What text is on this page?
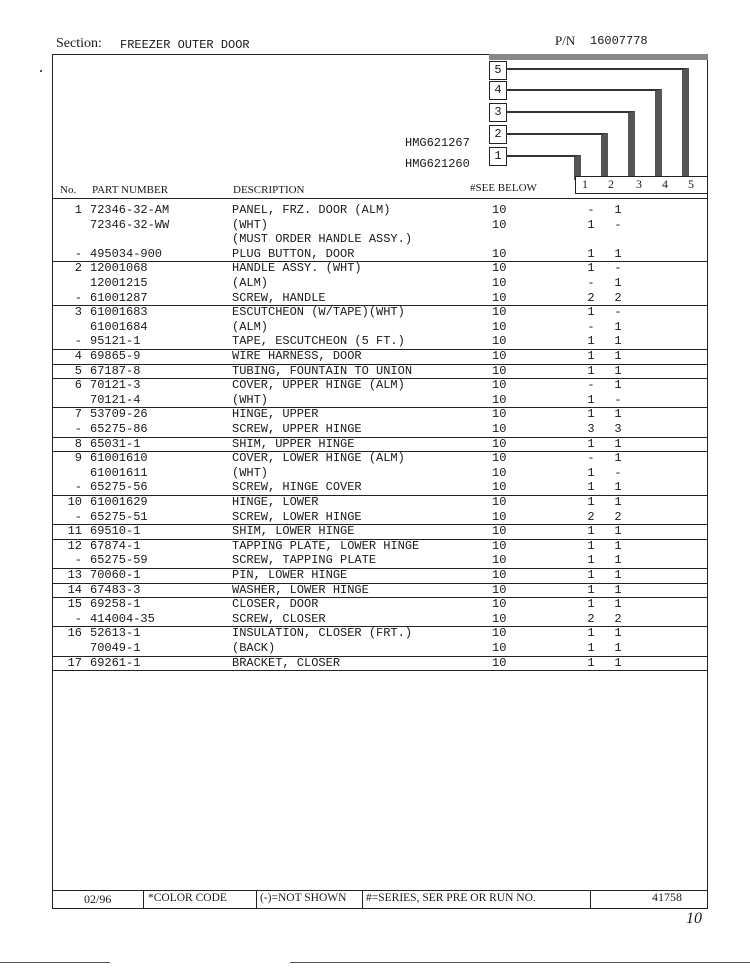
Section: FREEZER OUTER DOOR	P/N 16007778
5
4
3
2
1
HMG621267
HMG621260
1 2 3 4 5
No. PART NUMBER	DESCRIPTION	#SEE BELOW
1 72346-32-AM	PANEL, FRZ. DOOR (ALM)	10	- 1
72346-32-WW	(WHT)	10	1 -
(MUST ORDER HANDLE ASSY.)
- 495034-900	PLUG BUTTON, DOOR	10	1 1
2 12001068	HANDLE ASSY. (WHT)	10	1 -
12001215	(ALM)	10	- 1
- 61001287	SCREW, HANDLE	10	2 2
3 61001683	ESCUTCHEON (W/TAPE)(WHT)	10	1 -
61001684	(ALM)	10	- 1
- 95121-1	TAPE, ESCUTCHEON (5 FT.)	10	1 1
4 69865-9	WIRE HARNESS, DOOR	10	1 1
5 67187-8	TUBING, FOUNTAIN TO UNION	10	1 1
6 70121-3	COVER, UPPER HINGE (ALM)	10	- 1
70121-4	(WHT)	10	1 -
7 53709-26	HINGE, UPPER	10	1 1
- 65275-86	SCREW, UPPER HINGE	10	3 3
8 65031-1	SHIM, UPPER HINGE	10	1 1
9 61001610	COVER, LOWER HINGE (ALM)	10	- 1
61001611	(WHT)	10	1 -
- 65275-56	SCREW, HINGE COVER	10	1 1
10 61001629	HINGE, LOWER	10	1 1
- 65275-51	SCREW, LOWER HINGE	10	2 2
11 69510-1	SHIM, LOWER HINGE	10	1 1
12 67874-1	TAPPING PLATE, LOWER HINGE	10	1 1
- 65275-59	SCREW, TAPPING PLATE	10	1 1
13 70060-1	PIN, LOWER HINGE	10	1 1
14 67483-3	WASHER, LOWER HINGE	10	1 1
15 69258-1	CLOSER, DOOR	10	1 1
- 414004-35	SCREW, CLOSER	10	2 2
16 52613-1	INSULATION, CLOSER (FRT.)	10	1 1
70049-1	(BACK)	10	1 1
17 69261-1	BRACKET, CLOSER	10	1 1
02/96	*COLOR CODE	(-)=NOT SHOWN #=SERIES, SER PRE OR RUN NO.	41758
10
